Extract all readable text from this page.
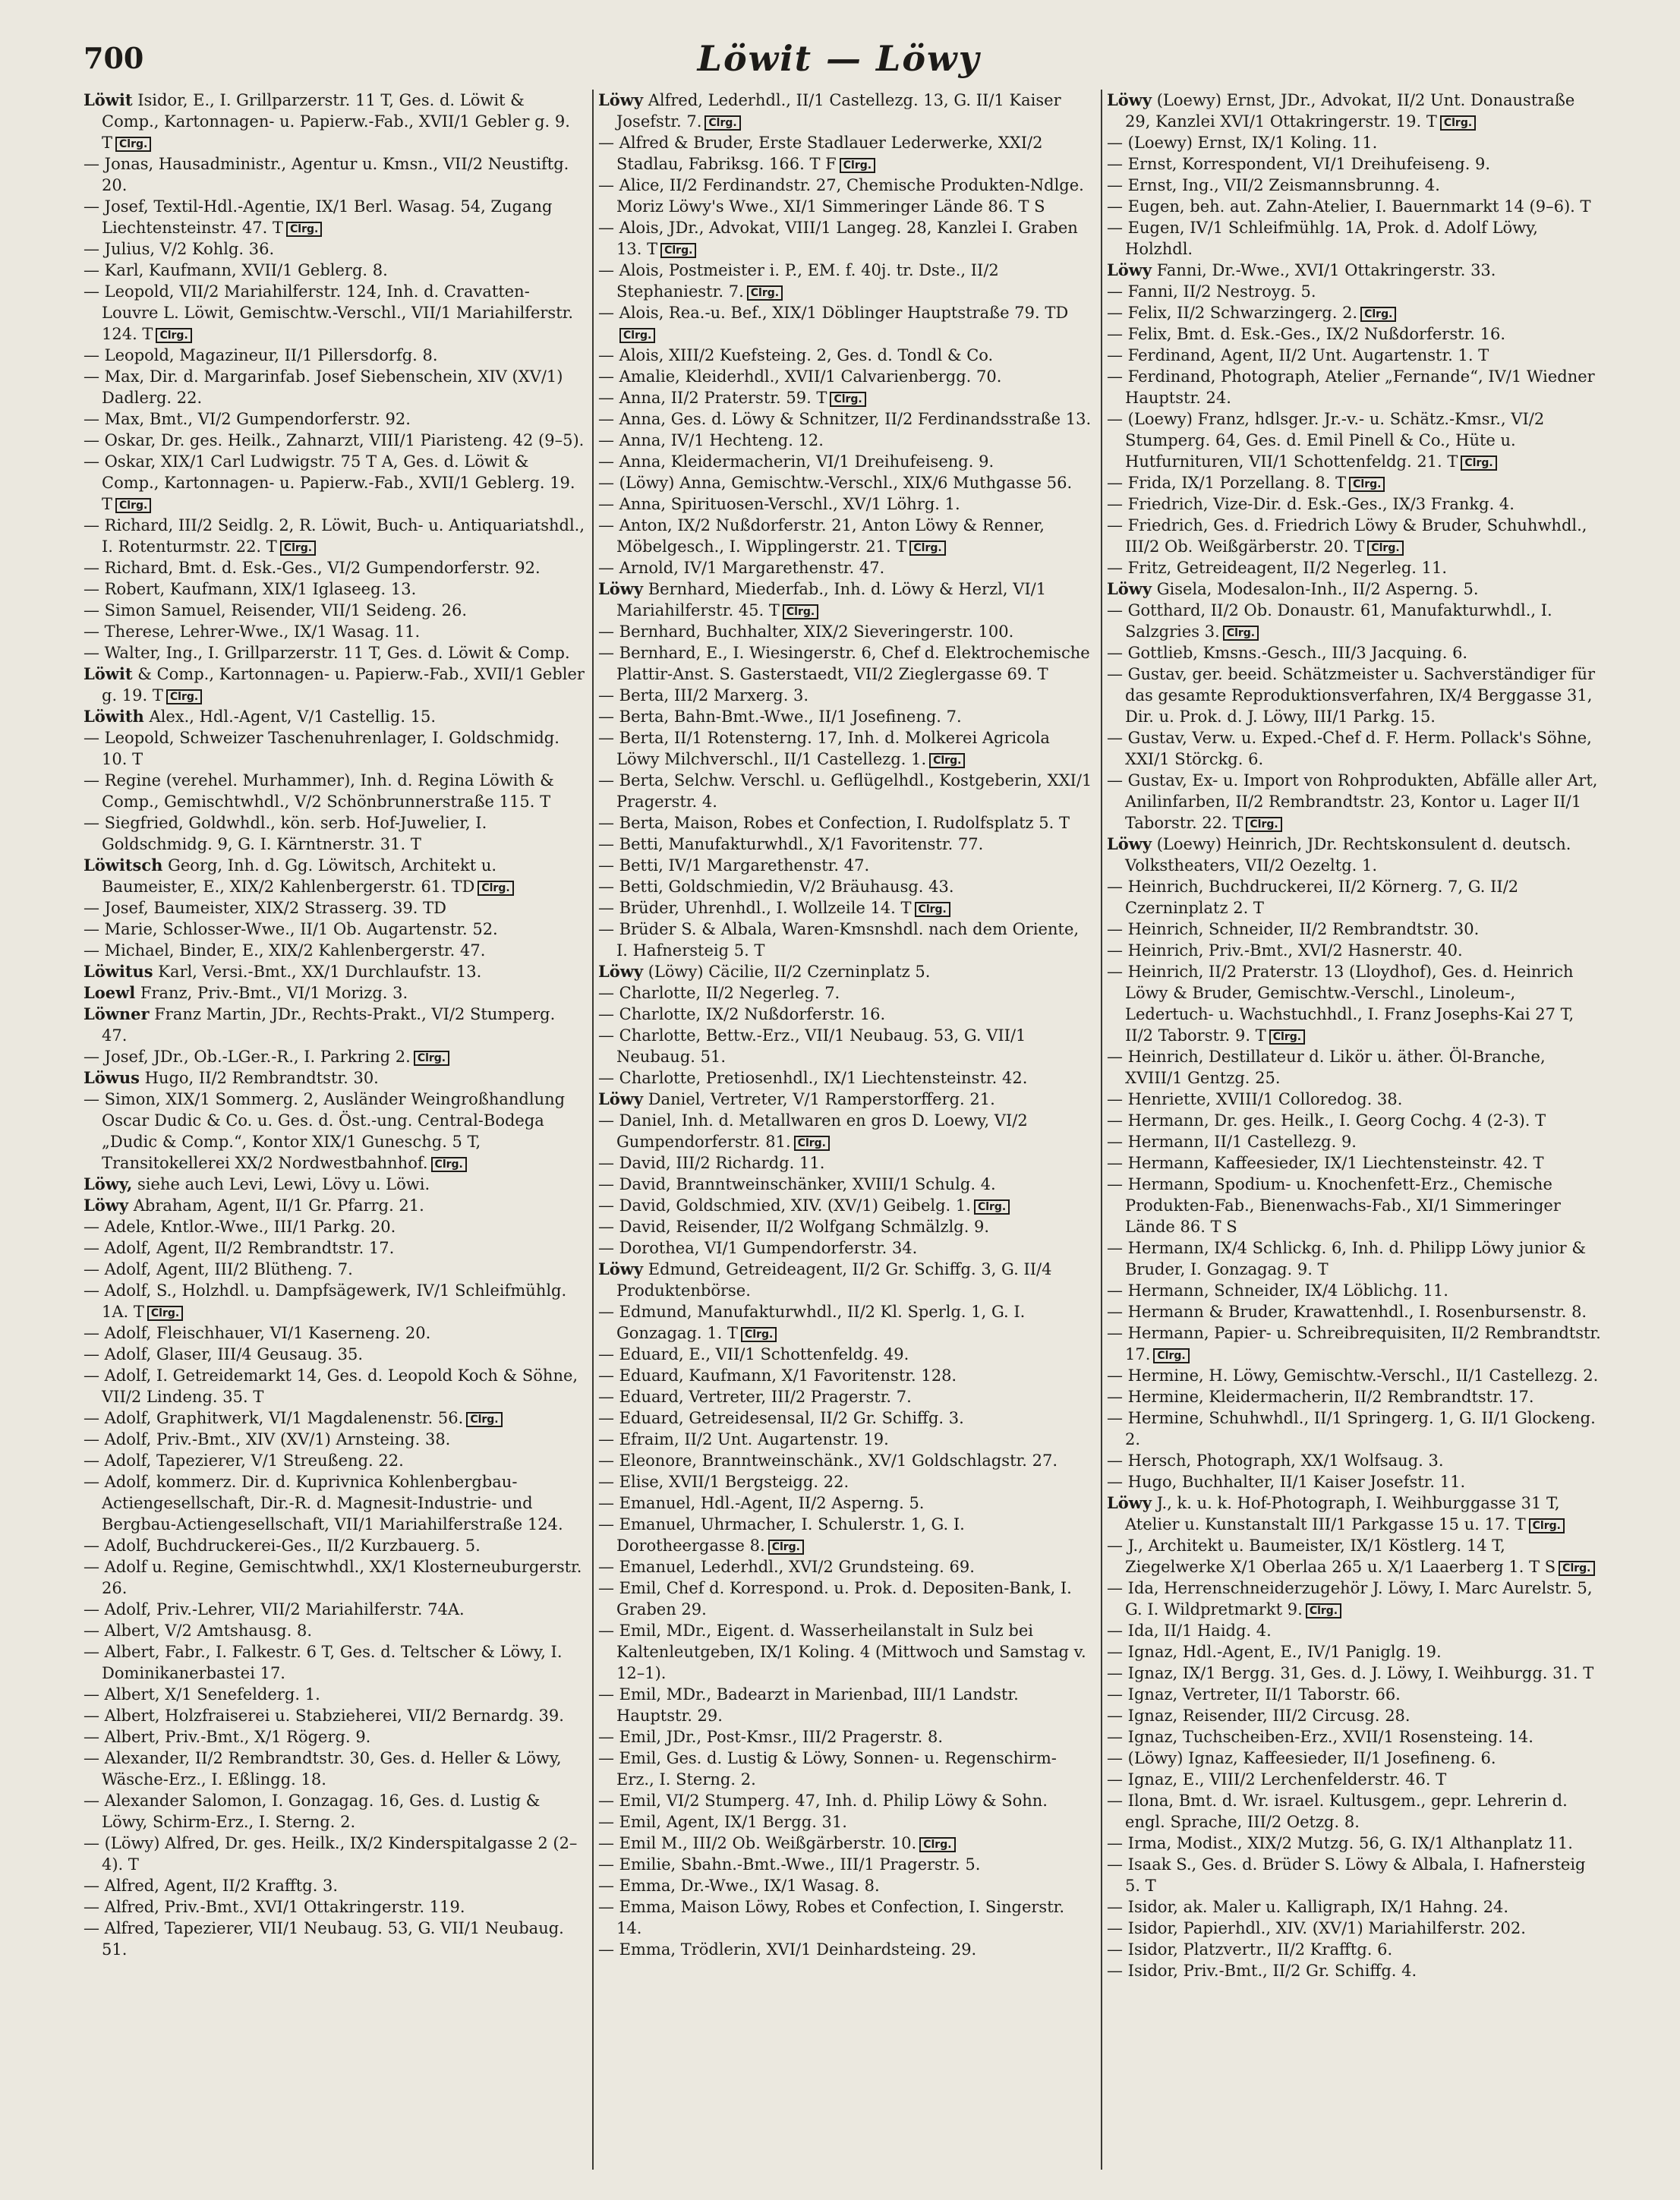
700	Löwit — Löwy
Löwit Isidor, E., I. Grillparzerstr. 11 T, Ges. d. Löwit & Comp., Kartonnagen- u. Papierw.-Fab., XVII/1 Gebler g. 9. T Clrg.
— Jonas, Hausadministr., Agentur u. Kmsn., VII/2 Neustiftg. 20.
— Josef, Textil-Hdl.-Agentie, IX/1 Berl. Wasag. 54, Zugang Liechtensteinstr. 47. T Clrg.
— Julius, V/2 Kohlg. 36.
— Karl, Kaufmann, XVII/1 Geblerg. 8.
— Leopold, VII/2 Mariahilferstr. 124, Inh. d. Cravatten-Louvre L. Löwit, Gemischtw.-Verschl., VII/1 Mariahilferstr. 124. T Clrg.
— Leopold, Magazineur, II/1 Pillersdorfg. 8.
— Max, Dir. d. Margarinfab. Josef Siebenschein, XIV (XV/1) Dadlerg. 22.
— Max, Bmt., VI/2 Gumpendorferstr. 92.
— Oskar, Dr. ges. Heilk., Zahnarzt, VIII/1 Piaristeng. 42 (9–5).
— Oskar, XIX/1 Carl Ludwigstr. 75 T A, Ges. d. Löwit & Comp., Kartonnagen- u. Papierw.-Fab., XVII/1 Geblerg. 19. T Clrg.
— Richard, III/2 Seidlg. 2, R. Löwit, Buch- u. Antiquariatshdl., I. Rotenturmstr. 22. T Clrg.
— Richard, Bmt. d. Esk.-Ges., VI/2 Gumpendorferstr. 92.
— Robert, Kaufmann, XIX/1 Iglaseeg. 13.
— Simon Samuel, Reisender, VII/1 Seideng. 26.
— Therese, Lehrer-Wwe., IX/1 Wasag. 11.
— Walter, Ing., I. Grillparzerstr. 11 T, Ges. d. Löwit & Comp.
Löwit & Comp., Kartonnagen- u. Papierw.-Fab., XVII/1 Gebler g. 19. T Clrg.
Löwith Alex., Hdl.-Agent, V/1 Castellig. 15.
— Leopold, Schweizer Taschenuhrenlager, I. Goldschmidg. 10. T
— Regine (verehel. Murhammer), Inh. d. Regina Löwith & Comp., Gemischtwhdl., V/2 Schönbrunnerstraße 115. T
— Siegfried, Goldwhdl., kön. serb. Hof-Juwelier, I. Goldschmidg. 9, G. I. Kärntnerstr. 31. T
Löwitsch Georg, Inh. d. Gg. Löwitsch, Architekt u. Baumeister, E., XIX/2 Kahlenbergerstr. 61. TD Clrg.
— Josef, Baumeister, XIX/2 Strasserg. 39. TD
— Marie, Schlosser-Wwe., II/1 Ob. Augartenstr. 52.
— Michael, Binder, E., XIX/2 Kahlenbergerstr. 47.
Löwitus Karl, Versi.-Bmt., XX/1 Durchlaufstr. 13.
Loewl Franz, Priv.-Bmt., VI/1 Morizg. 3.
Löwner Franz Martin, JDr., Rechts-Prakt., VI/2 Stumperg. 47.
— Josef, JDr., Ob.-LGer.-R., I. Parkring 2. Clrg.
Löwus Hugo, II/2 Rembrandtstr. 30.
— Simon, XIX/1 Sommerg. 2, Ausländer Weingroßhandlung Oscar Dudic & Co. u. Ges. d. Öst.-ung. Central-Bodega „Dudic & Comp.“, Kontor XIX/1 Guneschg. 5 T, Transitokellerei XX/2 Nordwestbahnhof. Clrg.
Löwy, siehe auch Levi, Lewi, Lövy u. Löwi.
Löwy Abraham, Agent, II/1 Gr. Pfarrg. 21.
— Adele, Kntlor.-Wwe., III/1 Parkg. 20.
— Adolf, Agent, II/2 Rembrandtstr. 17.
— Adolf, Agent, III/2 Blütheng. 7.
— Adolf, S., Holzhdl. u. Dampfsägewerk, IV/1 Schleifmühlg. 1A. T Clrg.
— Adolf, Fleischhauer, VI/1 Kaserneng. 20.
— Adolf, Glaser, III/4 Geusaug. 35.
— Adolf, I. Getreidemarkt 14, Ges. d. Leopold Koch & Söhne, VII/2 Lindeng. 35. T
— Adolf, Graphitwerk, VI/1 Magdalenenstr. 56. Clrg.
— Adolf, Priv.-Bmt., XIV (XV/1) Arnsteing. 38.
— Adolf, Tapezierer, V/1 Streußeng. 22.
— Adolf, kommerz. Dir. d. Kuprivnica Kohlenbergbau-Actiengesellschaft, Dir.-R. d. Magnesit-Industrie- und Bergbau-Actiengesellschaft, VII/1 Mariahilferstraße 124.
— Adolf, Buchdruckerei-Ges., II/2 Kurzbauerg. 5.
— Adolf u. Regine, Gemischtwhdl., XX/1 Klosterneuburgerstr. 26.
— Adolf, Priv.-Lehrer, VII/2 Mariahilferstr. 74A.
— Albert, V/2 Amtshausg. 8.
— Albert, Fabr., I. Falkestr. 6 T, Ges. d. Teltscher & Löwy, I. Dominikanerbastei 17.
— Albert, X/1 Senefelderg. 1.
— Albert, Holzfraiserei u. Stabzieherei, VII/2 Bernardg. 39.
— Albert, Priv.-Bmt., X/1 Rögerg. 9.
— Alexander, II/2 Rembrandtstr. 30, Ges. d. Heller & Löwy, Wäsche-Erz., I. Eßlingg. 18.
— Alexander Salomon, I. Gonzagag. 16, Ges. d. Lustig & Löwy, Schirm-Erz., I. Sterng. 2.
— (Löwy) Alfred, Dr. ges. Heilk., IX/2 Kinderspitalgasse 2 (2–4). T
— Alfred, Agent, II/2 Krafftg. 3.
— Alfred, Priv.-Bmt., XVI/1 Ottakringerstr. 119.
— Alfred, Tapezierer, VII/1 Neubaug. 53, G. VII/1 Neubaug. 51.
Löwy Alfred, Lederhdl., II/1 Castellezg. 13, G. II/1 Kaiser Josefstr. 7. Clrg.
— Alfred & Bruder, Erste Stadlauer Lederwerke, XXI/2 Stadlau, Fabriksg. 166. T F Clrg.
— Alice, II/2 Ferdinandstr. 27, Chemische Produkten-Ndlge. Moriz Löwy's Wwe., XI/1 Simmeringer Lände 86. T S
— Alois, JDr., Advokat, VIII/1 Langeg. 28, Kanzlei I. Graben 13. T Clrg.
— Alois, Postmeister i. P., EM. f. 40j. tr. Dste., II/2 Stephaniestr. 7. Clrg.
— Alois, Rea.-u. Bef., XIX/1 Döblinger Hauptstraße 79. TDClrg.
— Alois, XIII/2 Kuefsteing. 2, Ges. d. Tondl & Co.
— Amalie, Kleiderhdl., XVII/1 Calvarienbergg. 70.
— Anna, II/2 Praterstr. 59. T Clrg.
— Anna, Ges. d. Löwy & Schnitzer, II/2 Ferdinandsstraße 13.
— Anna, IV/1 Hechteng. 12.
— Anna, Kleidermacherin, VI/1 Dreihufeiseng. 9.
— (Löwy) Anna, Gemischtw.-Verschl., XIX/6 Muthgasse 56.
— Anna, Spirituosen-Verschl., XV/1 Löhrg. 1.
— Anton, IX/2 Nußdorferstr. 21, Anton Löwy & Renner, Möbelgesch., I. Wipplingerstr. 21. T Clrg.
— Arnold, IV/1 Margarethenstr. 47.
Löwy Bernhard, Miederfab., Inh. d. Löwy & Herzl, VI/1 Mariahilferstr. 45. T Clrg.
— Bernhard, Buchhalter, XIX/2 Sieveringerstr. 100.
— Bernhard, E., I. Wiesingerstr. 6, Chef d. Elektrochemische Plattir-Anst. S. Gasterstaedt, VII/2 Zieglergasse 69. T
— Berta, III/2 Marxerg. 3.
— Berta, Bahn-Bmt.-Wwe., II/1 Josefineng. 7.
— Berta, II/1 Rotensterng. 17, Inh. d. Molkerei Agricola Löwy Milchverschl., II/1 Castellezg. 1. Clrg.
— Berta, Selchw. Verschl. u. Geflügelhdl., Kostgeberin, XXI/1 Pragerstr. 4.
— Berta, Maison, Robes et Confection, I. Rudolfsplatz 5. T
— Betti, Manufakturwhdl., X/1 Favoritenstr. 77.
— Betti, IV/1 Margarethenstr. 47.
— Betti, Goldschmiedin, V/2 Bräuhausg. 43.
— Brüder, Uhrenhdl., I. Wollzeile 14. T Clrg.
— Brüder S. & Albala, Waren-Kmsnshdl. nach dem Oriente, I. Hafnersteig 5. T
Löwy (Löwy) Cäcilie, II/2 Czerninplatz 5.
— Charlotte, II/2 Negerleg. 7.
— Charlotte, IX/2 Nußdorferstr. 16.
— Charlotte, Bettw.-Erz., VII/1 Neubaug. 53, G. VII/1 Neubaug. 51.
— Charlotte, Pretiosenhdl., IX/1 Liechtensteinstr. 42.
Löwy Daniel, Vertreter, V/1 Ramperstorfferg. 21.
— Daniel, Inh. d. Metallwaren en gros D. Loewy, VI/2 Gumpendorferstr. 81. Clrg.
— David, III/2 Richardg. 11.
— David, Branntweinschänker, XVIII/1 Schulg. 4.
— David, Goldschmied, XIV. (XV/1) Geibelg. 1. Clrg.
— David, Reisender, II/2 Wolfgang Schmälzlg. 9.
— Dorothea, VI/1 Gumpendorferstr. 34.
Löwy Edmund, Getreideagent, II/2 Gr. Schiffg. 3, G. II/4 Produktenbörse.
— Edmund, Manufakturwhdl., II/2 Kl. Sperlg. 1, G. I. Gonzagag. 1. T Clrg.
— Eduard, E., VII/1 Schottenfeldg. 49.
— Eduard, Kaufmann, X/1 Favoritenstr. 128.
— Eduard, Vertreter, III/2 Pragerstr. 7.
— Eduard, Getreidesensal, II/2 Gr. Schiffg. 3.
— Efraim, II/2 Unt. Augartenstr. 19.
— Eleonore, Branntweinschänk., XV/1 Goldschlagstr. 27.
— Elise, XVII/1 Bergsteigg. 22.
— Emanuel, Hdl.-Agent, II/2 Asperng. 5.
— Emanuel, Uhrmacher, I. Schulerstr. 1, G. I. Dorotheergasse 8. Clrg.
— Emanuel, Lederhdl., XVI/2 Grundsteing. 69.
— Emil, Chef d. Korrespond. u. Prok. d. Depositen-Bank, I. Graben 29.
— Emil, MDr., Eigent. d. Wasserheilanstalt in Sulz bei Kaltenleutgeben, IX/1 Koling. 4 (Mittwoch und Samstag v. 12–1).
— Emil, MDr., Badearzt in Marienbad, III/1 Landstr. Hauptstr. 29.
— Emil, JDr., Post-Kmsr., III/2 Pragerstr. 8.
— Emil, Ges. d. Lustig & Löwy, Sonnen- u. Regenschirm-Erz., I. Sterng. 2.
— Emil, VI/2 Stumperg. 47, Inh. d. Philip Löwy & Sohn.
— Emil, Agent, IX/1 Bergg. 31.
— Emil M., III/2 Ob. Weißgärberstr. 10. Clrg.
— Emilie, Sbahn.-Bmt.-Wwe., III/1 Pragerstr. 5.
— Emma, Dr.-Wwe., IX/1 Wasag. 8.
— Emma, Maison Löwy, Robes et Confection, I. Singerstr. 14.
— Emma, Trödlerin, XVI/1 Deinhardsteing. 29.
Löwy (Loewy) Ernst, JDr., Advokat, II/2 Unt. Donaustraße 29, Kanzlei XVI/1 Ottakringerstr. 19. T Clrg.
— (Loewy) Ernst, IX/1 Koling. 11.
— Ernst, Korrespondent, VI/1 Dreihufeiseng. 9.
— Ernst, Ing., VII/2 Zeismannsbrunng. 4.
— Eugen, beh. aut. Zahn-Atelier, I. Bauernmarkt 14 (9–6). T
— Eugen, IV/1 Schleifmühlg. 1A, Prok. d. Adolf Löwy, Holzhdl.
Löwy Fanni, Dr.-Wwe., XVI/1 Ottakringerstr. 33.
— Fanni, II/2 Nestroyg. 5.
— Felix, II/2 Schwarzingerg. 2. Clrg.
— Felix, Bmt. d. Esk.-Ges., IX/2 Nußdorferstr. 16.
— Ferdinand, Agent, II/2 Unt. Augartenstr. 1. T
— Ferdinand, Photograph, Atelier „Fernande“, IV/1 Wiedner Hauptstr. 24.
— (Loewy) Franz, hdlsger. Jr.-v.- u. Schätz.-Kmsr., VI/2 Stumperg. 64, Ges. d. Emil Pinell & Co., Hüte u. Hutfurnituren, VII/1 Schottenfeldg. 21. T Clrg.
— Frida, IX/1 Porzellang. 8. T Clrg.
— Friedrich, Vize-Dir. d. Esk.-Ges., IX/3 Frankg. 4.
— Friedrich, Ges. d. Friedrich Löwy & Bruder, Schuhwhdl., III/2 Ob. Weißgärberstr. 20. T Clrg.
— Fritz, Getreideagent, II/2 Negerleg. 11.
Löwy Gisela, Modesalon-Inh., II/2 Asperng. 5.
— Gotthard, II/2 Ob. Donaustr. 61, Manufakturwhdl., I. Salzgries 3. Clrg.
— Gottlieb, Kmsns.-Gesch., III/3 Jacquing. 6.
— Gustav, ger. beeid. Schätzmeister u. Sachverständiger für das gesamte Reproduktionsverfahren, IX/4 Berggasse 31, Dir. u. Prok. d. J. Löwy, III/1 Parkg. 15.
— Gustav, Verw. u. Exped.-Chef d. F. Herm. Pollack's Söhne, XXI/1 Störckg. 6.
— Gustav, Ex- u. Import von Rohprodukten, Abfälle aller Art, Anilinfarben, II/2 Rembrandtstr. 23, Kontor u. Lager II/1 Taborstr. 22. T Clrg.
Löwy (Loewy) Heinrich, JDr. Rechtskonsulent d. deutsch. Volkstheaters, VII/2 Oezeltg. 1.
— Heinrich, Buchdruckerei, II/2 Körnerg. 7, G. II/2 Czerninplatz 2. T
— Heinrich, Schneider, II/2 Rembrandtstr. 30.
— Heinrich, Priv.-Bmt., XVI/2 Hasnerstr. 40.
— Heinrich, II/2 Praterstr. 13 (Lloydhof), Ges. d. Heinrich Löwy & Bruder, Gemischtw.-Verschl., Linoleum-, Ledertuch- u. Wachstuchhdl., I. Franz Josephs-Kai 27 T, II/2 Taborstr. 9. T Clrg.
— Heinrich, Destillateur d. Likör u. äther. Öl-Branche, XVIII/1 Gentzg. 25.
— Henriette, XVIII/1 Colloredog. 38.
— Hermann, Dr. ges. Heilk., I. Georg Cochg. 4 (2-3). T
— Hermann, II/1 Castellezg. 9.
— Hermann, Kaffeesieder, IX/1 Liechtensteinstr. 42. T
— Hermann, Spodium- u. Knochenfett-Erz., Chemische Produkten-Fab., Bienenwachs-Fab., XI/1 Simmeringer Lände 86. T S
— Hermann, IX/4 Schlickg. 6, Inh. d. Philipp Löwy junior & Bruder, I. Gonzagag. 9. T
— Hermann, Schneider, IX/4 Löblichg. 11.
— Hermann & Bruder, Krawattenhdl., I. Rosenbursenstr. 8.
— Hermann, Papier- u. Schreibrequisiten, II/2 Rembrandtstr. 17. Clrg.
— Hermine, H. Löwy, Gemischtw.-Verschl., II/1 Castellezg. 2.
— Hermine, Kleidermacherin, II/2 Rembrandtstr. 17.
— Hermine, Schuhwhdl., II/1 Springerg. 1, G. II/1 Glockeng. 2.
— Hersch, Photograph, XX/1 Wolfsaug. 3.
— Hugo, Buchhalter, II/1 Kaiser Josefstr. 11.
Löwy J., k. u. k. Hof-Photograph, I. Weihburggasse 31 T, Atelier u. Kunstanstalt III/1 Parkgasse 15 u. 17. T Clrg.
— J., Architekt u. Baumeister, IX/1 Köstlerg. 14 T, Ziegelwerke X/1 Oberlaa 265 u. X/1 Laaerberg 1. T S Clrg.
— Ida, Herrenschneiderzugehör J. Löwy, I. Marc Aurelstr. 5, G. I. Wildpretmarkt 9. Clrg.
— Ida, II/1 Haidg. 4.
— Ignaz, Hdl.-Agent, E., IV/1 Paniglg. 19.
— Ignaz, IX/1 Bergg. 31, Ges. d. J. Löwy, I. Weihburgg. 31. T
— Ignaz, Vertreter, II/1 Taborstr. 66.
— Ignaz, Reisender, III/2 Circusg. 28.
— Ignaz, Tuchscheiben-Erz., XVII/1 Rosensteing. 14.
— (Löwy) Ignaz, Kaffeesieder, II/1 Josefineng. 6.
— Ignaz, E., VIII/2 Lerchenfelderstr. 46. T
— Ilona, Bmt. d. Wr. israel. Kultusgem., gepr. Lehrerin d. engl. Sprache, III/2 Oetzg. 8.
— Irma, Modist., XIX/2 Mutzg. 56, G. IX/1 Althanplatz 11.
— Isaak S., Ges. d. Brüder S. Löwy & Albala, I. Hafnersteig 5. T
— Isidor, ak. Maler u. Kalligraph, IX/1 Hahng. 24.
— Isidor, Papierhdl., XIV. (XV/1) Mariahilferstr. 202.
— Isidor, Platzvertr., II/2 Krafftg. 6.
— Isidor, Priv.-Bmt., II/2 Gr. Schiffg. 4.
